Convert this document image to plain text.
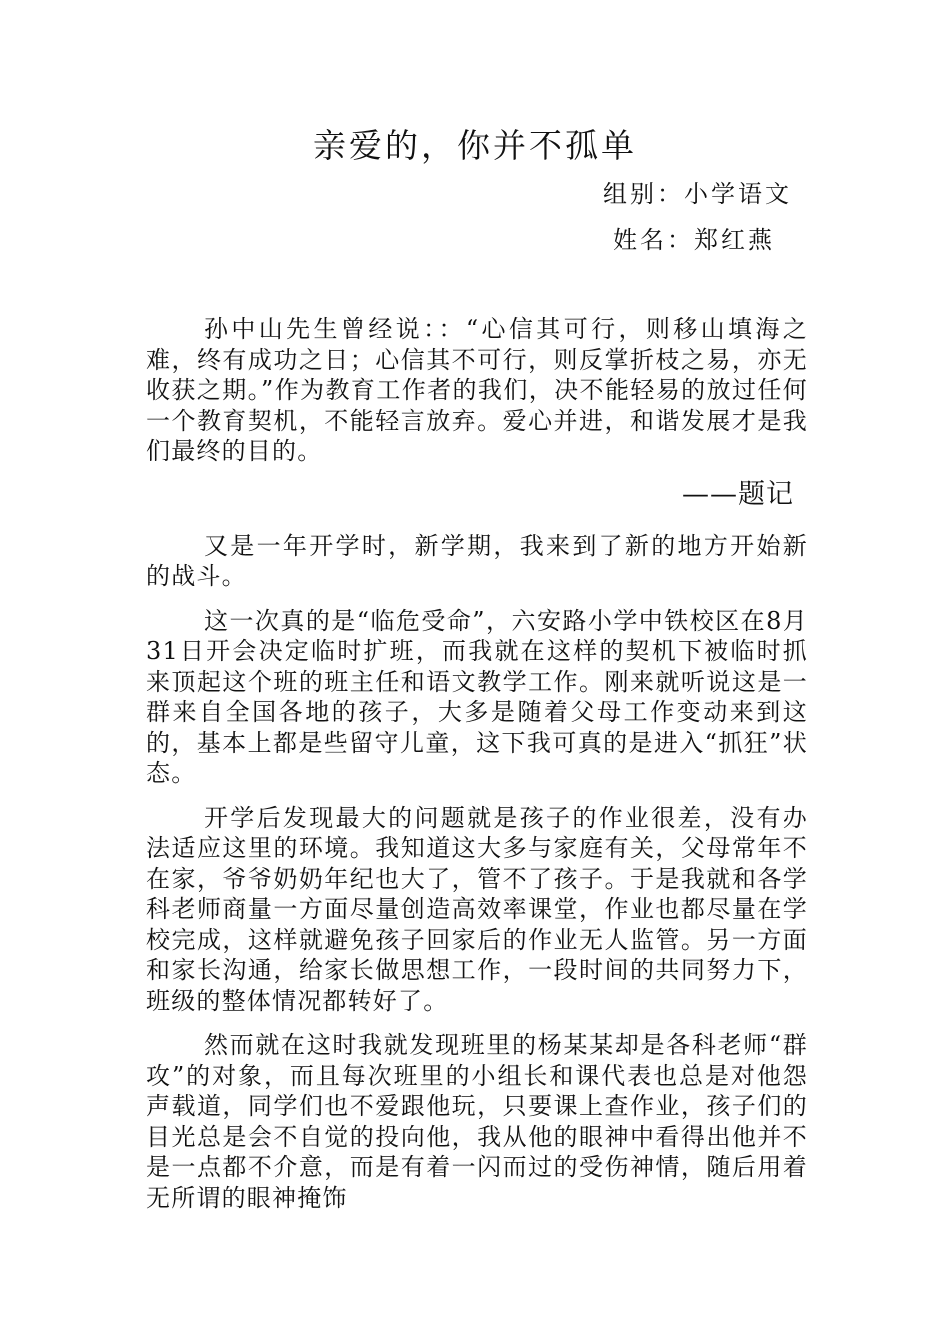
亲爱的，你并不孤单
组别：小学语文
姓名：郑红燕

孙中山先生曾经说：：“心信其可行，则移山填海之难，终有成功之日；心信其不可行，则反掌折枝之易，亦无收获之期。”作为教育工作者的我们，决不能轻易的放过任何一个教育契机，不能轻言放弃。爱心并进，和谐发展才是我们最终的目的。

——题记

又是一年开学时，新学期，我来到了新的地方开始新的战斗。

这一次真的是“临危受命”，六安路小学中铁校区在8月31日开会决定临时扩班，而我就在这样的契机下被临时抓来顶起这个班的班主任和语文教学工作。刚来就听说这是一群来自全国各地的孩子，大多是随着父母工作变动来到这的，基本上都是些留守儿童，这下我可真的是进入“抓狂”状态。

开学后发现最大的问题就是孩子的作业很差，没有办法适应这里的环境。我知道这大多与家庭有关，父母常年不在家，爷爷奶奶年纪也大了，管不了孩子。于是我就和各学科老师商量一方面尽量创造高效率课堂，作业也都尽量在学校完成，这样就避免孩子回家后的作业无人监管。另一方面和家长沟通，给家长做思想工作，一段时间的共同努力下，班级的整体情况都转好了。

然而就在这时我就发现班里的杨某某却是各科老师“群攻”的对象，而且每次班里的小组长和课代表也总是对他怨声载道，同学们也不爱跟他玩，只要课上查作业，孩子们的目光总是会不自觉的投向他，我从他的眼神中看得出他并不是一点都不介意，而是有着一闪而过的受伤神情，随后用着无所谓的眼神掩饰
